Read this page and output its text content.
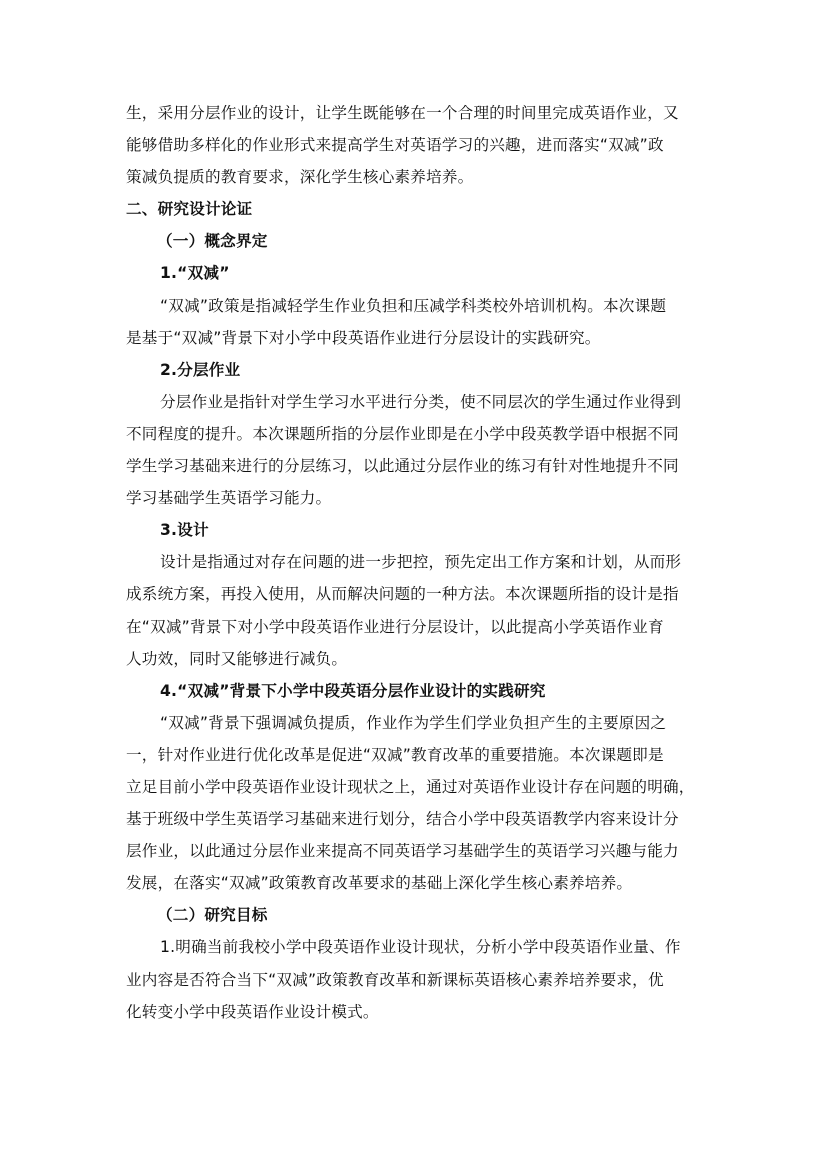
生，采用分层作业的设计，让学生既能够在一个合理的时间里完成英语作业，又
能够借助多样化的作业形式来提高学生对英语学习的兴趣，进而落实“双减”政
策减负提质的教育要求，深化学生核心素养培养。
二、研究设计论证
（一）概念界定
1.“双减”
“双减”政策是指减轻学生作业负担和压减学科类校外培训机构。本次课题
是基于“双减”背景下对小学中段英语作业进行分层设计的实践研究。
2.分层作业
分层作业是指针对学生学习水平进行分类，使不同层次的学生通过作业得到
不同程度的提升。本次课题所指的分层作业即是在小学中段英教学语中根据不同
学生学习基础来进行的分层练习，以此通过分层作业的练习有针对性地提升不同
学习基础学生英语学习能力。
3.设计
设计是指通过对存在问题的进一步把控，预先定出工作方案和计划，从而形
成系统方案，再投入使用，从而解决问题的一种方法。本次课题所指的设计是指
在“双减”背景下对小学中段英语作业进行分层设计，以此提高小学英语作业育
人功效，同时又能够进行减负。
4.“双减”背景下小学中段英语分层作业设计的实践研究
“双减”背景下强调减负提质，作业作为学生们学业负担产生的主要原因之
一，针对作业进行优化改革是促进“双减”教育改革的重要措施。本次课题即是
立足目前小学中段英语作业设计现状之上，通过对英语作业设计存在问题的明确，
基于班级中学生英语学习基础来进行划分，结合小学中段英语教学内容来设计分
层作业，以此通过分层作业来提高不同英语学习基础学生的英语学习兴趣与能力
发展，在落实“双减”政策教育改革要求的基础上深化学生核心素养培养。
（二）研究目标
1.明确当前我校小学中段英语作业设计现状，分析小学中段英语作业量、作
业内容是否符合当下“双减”政策教育改革和新课标英语核心素养培养要求，优
化转变小学中段英语作业设计模式。
